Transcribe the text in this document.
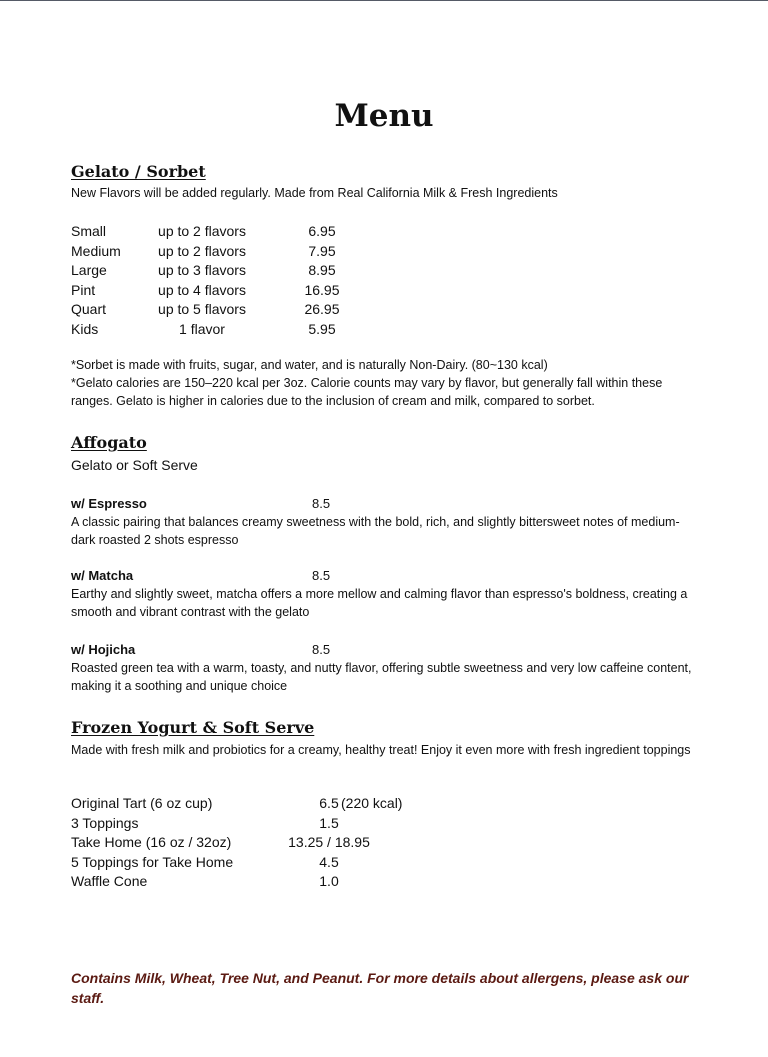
Menu
Gelato / Sorbet

New Flavors will be added regularly. Made from Real California Milk & Fresh Ingredients

Small	up to 2 flavors	6.95
Medium	up to 2 flavors	7.95
Large	up to 3 flavors	8.95
Pint	up to 4 flavors	16.95
Quart	up to 5 flavors	26.95
Kids	1 flavor	5.95

*Sorbet is made with fruits, sugar, and water, and is naturally Non-Dairy. (80~130 kcal)

*Gelato calories are 150–220 kcal per 3oz. Calorie counts may vary by flavor, but generally fall within these ranges. Gelato is higher in calories due to the inclusion of cream and milk, compared to sorbet.

Affogato

Gelato or Soft Serve

w/ Espresso	8.5

A classic pairing that balances creamy sweetness with the bold, rich, and slightly bittersweet notes of medium-dark roasted 2 shots espresso

w/ Matcha	8.5

Earthy and slightly sweet, matcha offers a more mellow and calming flavor than espresso's boldness, creating a smooth and vibrant contrast with the gelato

w/ Hojicha	8.5

Roasted green tea with a warm, toasty, and nutty flavor, offering subtle sweetness and very low caffeine content, making it a soothing and unique choice

Frozen Yogurt & Soft Serve

Made with fresh milk and probiotics for a creamy, healthy treat! Enjoy it even more with fresh ingredient toppings

Original Tart (6 oz cup)	6.5 (220 kcal)
3 Toppings	1.5
Take Home (16 oz / 32oz)	13.25 / 18.95
5 Toppings for Take Home	4.5
Waffle Cone	1.0

Contains Milk, Wheat, Tree Nut, and Peanut. For more details about allergens, please ask our staff.
